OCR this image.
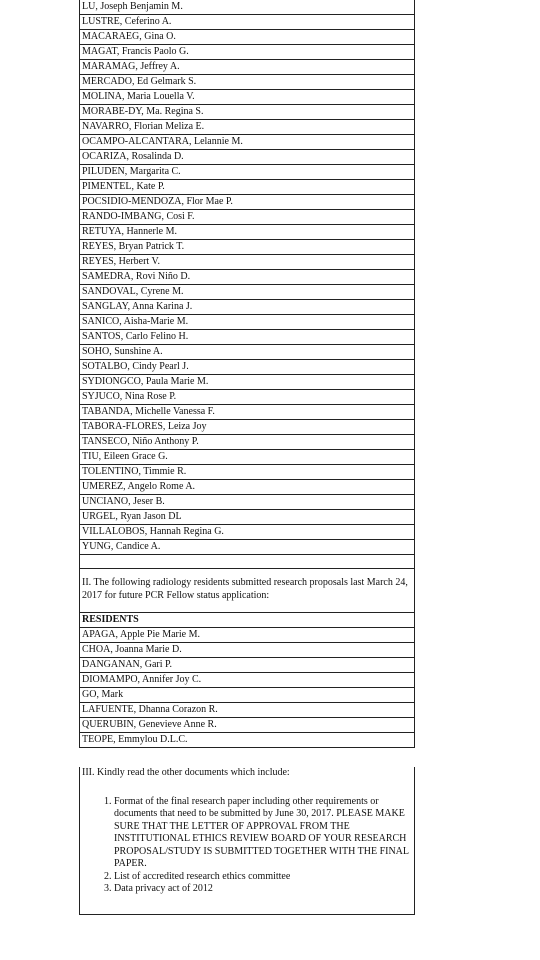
LU, Joseph Benjamin M.
LUSTRE, Ceferino A.
MACARAEG, Gina O.
MAGAT, Francis Paolo G.
MARAMAG, Jeffrey A.
MERCADO, Ed Gelmark S.
MOLINA, Maria Louella V.
MORABE-DY, Ma. Regina S.
NAVARRO, Florian Meliza E.
OCAMPO-ALCANTARA, Lelannie M.
OCARIZA, Rosalinda D.
PILUDEN, Margarita C.
PIMENTEL, Kate P.
POCSIDIO-MENDOZA, Flor Mae P.
RANDO-IMBANG, Cosi F.
RETUYA, Hannerle M.
REYES, Bryan Patrick T.
REYES, Herbert V.
SAMEDRA, Rovi Niño D.
SANDOVAL, Cyrene M.
SANGLAY, Anna Karina J.
SANICO, Aisha-Marie M.
SANTOS, Carlo Felino H.
SOHO, Sunshine A.
SOTALBO, Cindy Pearl J.
SYDIONGCO, Paula Marie M.
SYJUCO, Nina Rose P.
TABANDA, Michelle Vanessa F.
TABORA-FLORES, Leiza Joy
TANSECO, Niño Anthony P.
TIU, Eileen Grace G.
TOLENTINO, Timmie R.
UMEREZ, Angelo Rome A.
UNCIANO, Jeser B.
URGEL, Ryan Jason DL
VILLALOBOS, Hannah Regina G.
YUNG, Candice A.
II. The following radiology residents submitted research proposals last March 24, 2017 for future PCR Fellow status application:
RESIDENTS
APAGA, Apple Pie Marie M.
CHOA, Joanna Marie D.
DANGANAN, Gari P.
DIOMAMPO, Annifer Joy C.
GO, Mark
LAFUENTE, Dhanna Corazon R.
QUERUBIN, Genevieve Anne R.
TEOPE, Emmylou D.L.C.
III. Kindly read the other documents which include:
1. Format of the final research paper including other requirements or documents that need to be submitted by June 30, 2017. PLEASE MAKE SURE THAT THE LETTER OF APPROVAL FROM THE INSTITUTIONAL ETHICS REVIEW BOARD OF YOUR RESEARCH PROPOSAL/STUDY IS SUBMITTED TOGETHER WITH THE FINAL PAPER.
2. List of accredited research ethics committee
3. Data privacy act of 2012
